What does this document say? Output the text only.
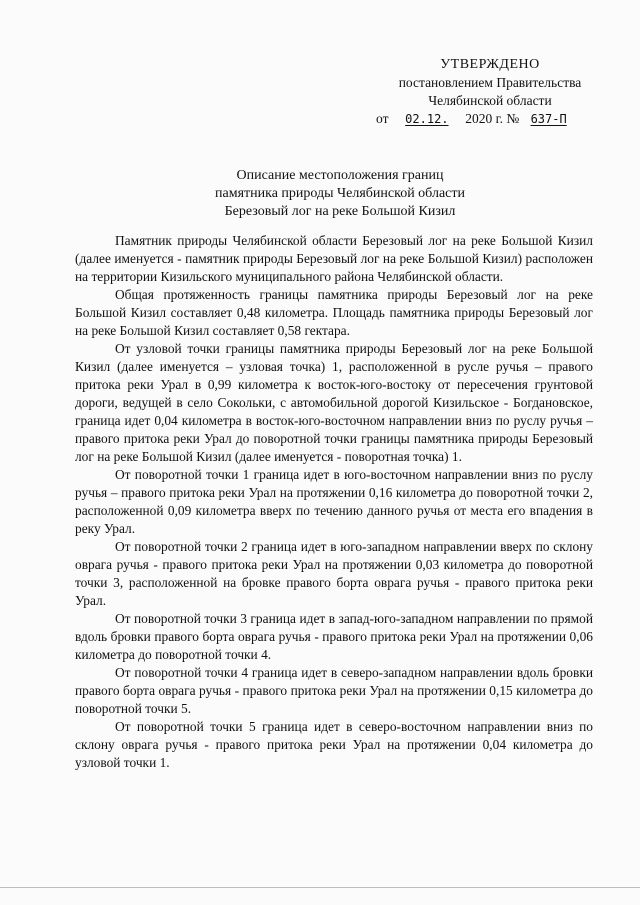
УТВЕРЖДЕНО
постановлением Правительства
Челябинской области
от 02.12. 2020 г. № 637-П
Описание местоположения границ
памятника природы Челябинской области
Березовый лог на реке Большой Кизил

Памятник природы Челябинской области Березовый лог на реке Большой Кизил (далее именуется - памятник природы Березовый лог на реке Большой Кизил) расположен на территории Кизильского муниципального района Челябинской области.

Общая протяженность границы памятника природы Березовый лог на реке Большой Кизил составляет 0,48 километра. Площадь памятника природы Березовый лог на реке Большой Кизил составляет 0,58 гектара.

От узловой точки границы памятника природы Березовый лог на реке Большой Кизил (далее именуется – узловая точка) 1, расположенной в русле ручья – правого притока реки Урал в 0,99 километра к восток-юго-востоку от пересечения грунтовой дороги, ведущей в село Сокольки, с автомобильной дорогой Кизильское - Богдановское, граница идет 0,04 километра в восток-юго-восточном направлении вниз по руслу ручья – правого притока реки Урал до поворотной точки границы памятника природы Березовый лог на реке Большой Кизил (далее именуется - поворотная точка) 1.

От поворотной точки 1 граница идет в юго-восточном направлении вниз по руслу ручья – правого притока реки Урал на протяжении 0,16 километра до поворотной точки 2, расположенной 0,09 километра вверх по течению данного ручья от места его впадения в реку Урал.

От поворотной точки 2 граница идет в юго-западном направлении вверх по склону оврага ручья - правого притока реки Урал на протяжении 0,03 километра до поворотной точки 3, расположенной на бровке правого борта оврага ручья - правого притока реки Урал.

От поворотной точки 3 граница идет в запад-юго-западном направлении по прямой вдоль бровки правого борта оврага ручья - правого притока реки Урал на протяжении 0,06 километра до поворотной точки 4.

От поворотной точки 4 граница идет в северо-западном направлении вдоль бровки правого борта оврага ручья - правого притока реки Урал на протяжении 0,15 километра до поворотной точки 5.

От поворотной точки 5 граница идет в северо-восточном направлении вниз по склону оврага ручья - правого притока реки Урал на протяжении 0,04 километра до узловой точки 1.
